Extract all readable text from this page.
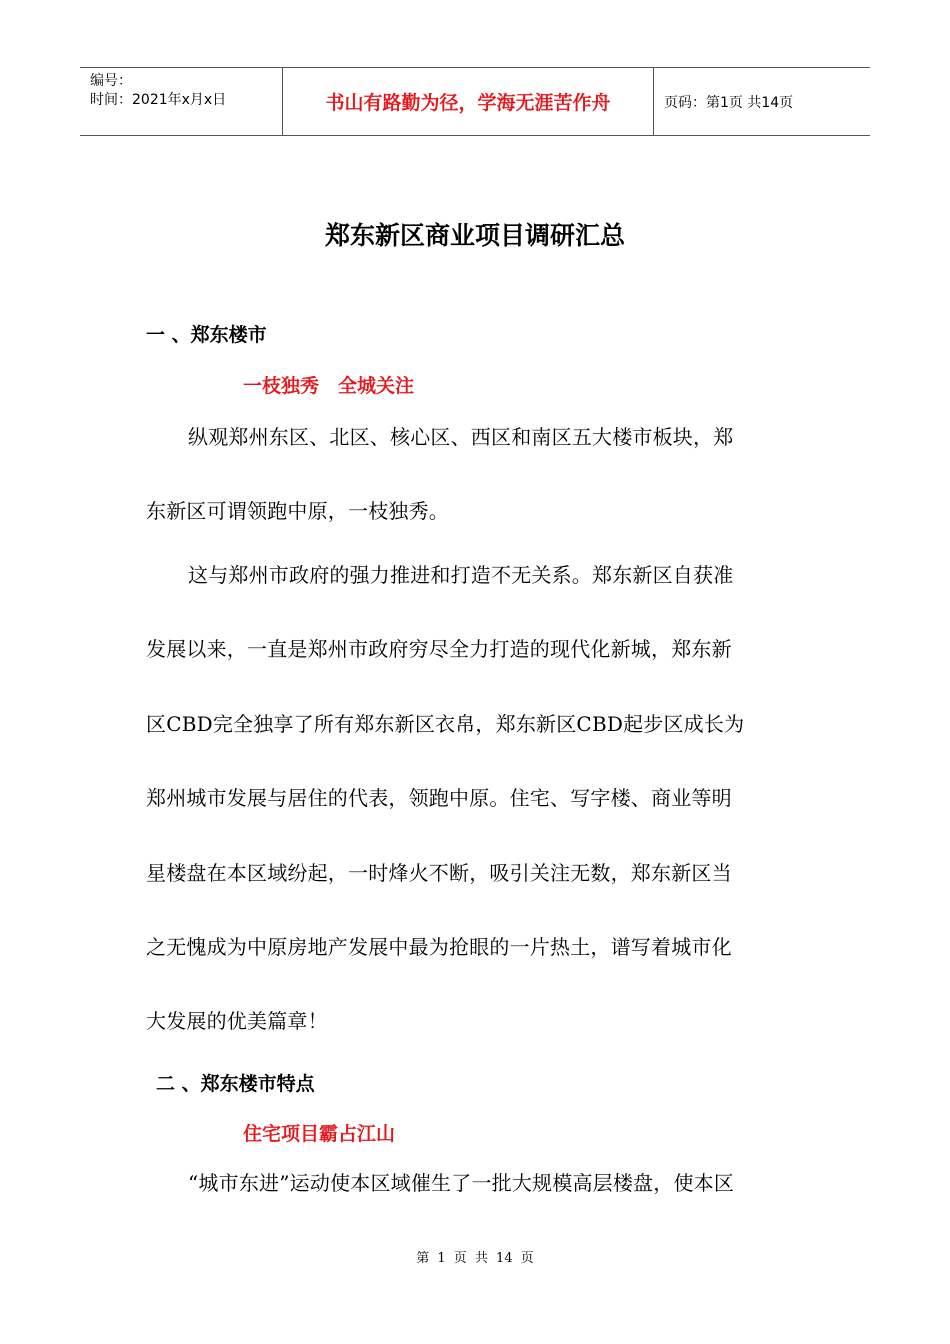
编号：
时间：2021年x月x日	书山有路勤为径，学海无涯苦作舟	页码：第1页 共14页
郑东新区商业项目调研汇总
一 、郑东楼市
一枝独秀　全城关注
纵观郑州东区、北区、核心区、西区和南区五大楼市板块，郑
东新区可谓领跑中原，一枝独秀。
这与郑州市政府的强力推进和打造不无关系。郑东新区自获准
发展以来，一直是郑州市政府穷尽全力打造的现代化新城，郑东新
区CBD完全独享了所有郑东新区衣帛，郑东新区CBD起步区成长为
郑州城市发展与居住的代表，领跑中原。住宅、写字楼、商业等明
星楼盘在本区域纷起，一时烽火不断，吸引关注无数，郑东新区当
之无愧成为中原房地产发展中最为抢眼的一片热土，谱写着城市化
大发展的优美篇章！
二 、郑东楼市特点
住宅项目霸占江山
“城市东进”运动使本区域催生了一批大规模高层楼盘，使本区
第 1 页 共 14 页
